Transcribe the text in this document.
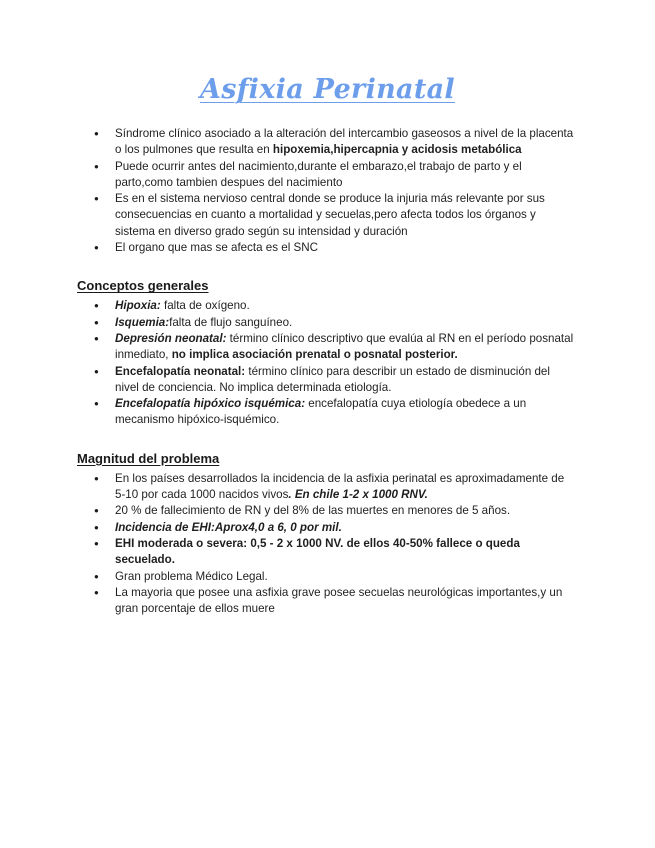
Asfixia Perinatal
● Síndrome clínico asociado a la alteración del intercambio gaseosos a nivel de la placenta o los pulmones que resulta en hipoxemia,hipercapnia y acidosis metabólica
● Puede ocurrir antes del nacimiento,durante el embarazo,el trabajo de parto y el parto,como tambien despues del nacimiento
● Es en el sistema nervioso central donde se produce la injuria más relevante por sus consecuencias en cuanto a mortalidad y secuelas,pero afecta todos los órganos y sistema en diverso grado según su intensidad y duración
● El organo que mas se afecta es el SNC
Conceptos generales
● Hipoxia: falta de oxígeno.
● Isquemia:falta de flujo sanguíneo.
● Depresión neonatal: término clínico descriptivo que evalúa al RN en el período posnatal inmediato, no implica asociación prenatal o posnatal posterior.
● Encefalopatía neonatal: término clínico para describir un estado de disminución del nivel de conciencia. No implica determinada etiología.
● Encefalopatía hipóxico isquémica: encefalopatía cuya etiología obedece a un mecanismo hipóxico-isquémico.
Magnitud del problema
● En los países desarrollados la incidencia de la asfixia perinatal es aproximadamente de 5-10 por cada 1000 nacidos vivos. En chile 1-2 x 1000 RNV.
● 20 % de fallecimiento de RN y del 8% de las muertes en menores de 5 años.
● Incidencia de EHI:Aprox4,0 a 6, 0 por mil.
● EHI moderada o severa: 0,5 - 2 x 1000 NV. de ellos 40-50% fallece o queda secuelado.
● Gran problema Médico Legal.
● La mayoria que posee una asfixia grave posee secuelas neurológicas importantes,y un gran porcentaje de ellos muere
